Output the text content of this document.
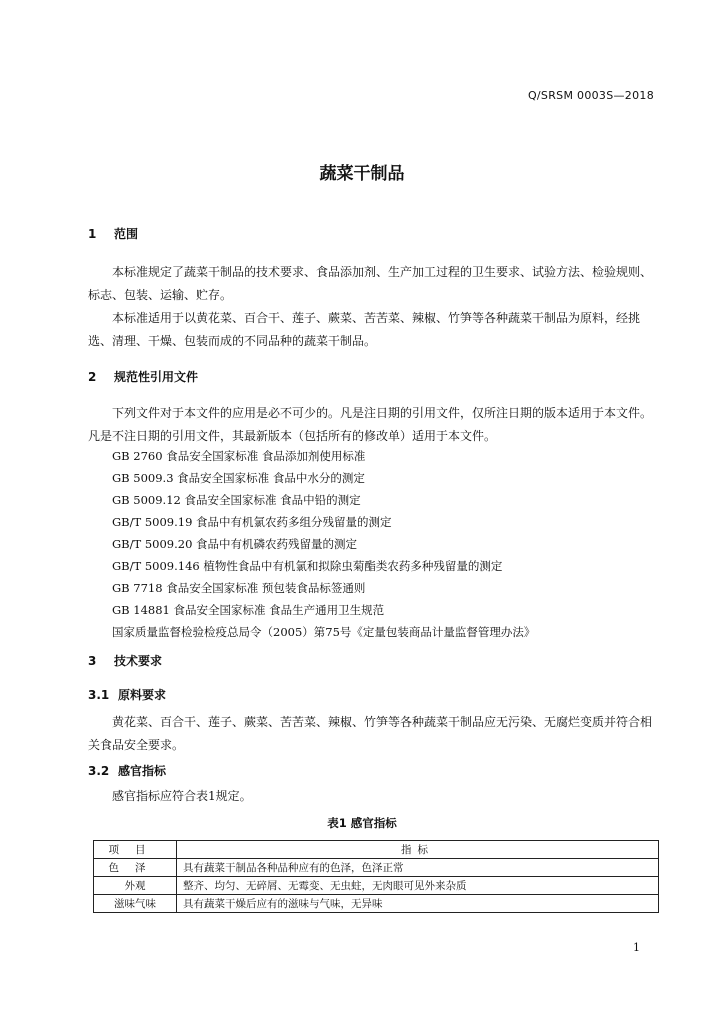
Q/SRSM 0003S—2018
蔬菜干制品
1 范围

本标准规定了蔬菜干制品的技术要求、食品添加剂、生产加工过程的卫生要求、试验方法、检验规则、标志、包装、运输、贮存。

本标准适用于以黄花菜、百合干、莲子、蕨菜、苦苦菜、辣椒、竹笋等各种蔬菜干制品为原料，经挑选、清理、干燥、包装而成的不同品种的蔬菜干制品。

2 规范性引用文件

下列文件对于本文件的应用是必不可少的。凡是注日期的引用文件，仅所注日期的版本适用于本文件。凡是不注日期的引用文件，其最新版本（包括所有的修改单）适用于本文件。

GB 2760 食品安全国家标准 食品添加剂使用标准
GB 5009.3 食品安全国家标准 食品中水分的测定
GB 5009.12 食品安全国家标准 食品中铅的测定
GB/T 5009.19 食品中有机氯农药多组分残留量的测定
GB/T 5009.20 食品中有机磷农药残留量的测定
GB/T 5009.146 植物性食品中有机氯和拟除虫菊酯类农药多种残留量的测定
GB 7718 食品安全国家标准 预包装食品标签通则
GB 14881 食品安全国家标准 食品生产通用卫生规范
国家质量监督检验检疫总局令（2005）第75号《定量包装商品计量监督管理办法》
3 技术要求
3.1 原料要求

黄花菜、百合干、莲子、蕨菜、苦苦菜、辣椒、竹笋等各种蔬菜干制品应无污染、无腐烂变质并符合相关食品安全要求。

3.2 感官指标

感官指标应符合表1规定。

表1 感官指标
项目	指标
色泽	具有蔬菜干制品各种品种应有的色泽，色泽正常
外观	整齐、均匀、无碎屑、无霉变、无虫蛀，无肉眼可见外来杂质
滋味气味	具有蔬菜干燥后应有的滋味与气味，无异味
1
